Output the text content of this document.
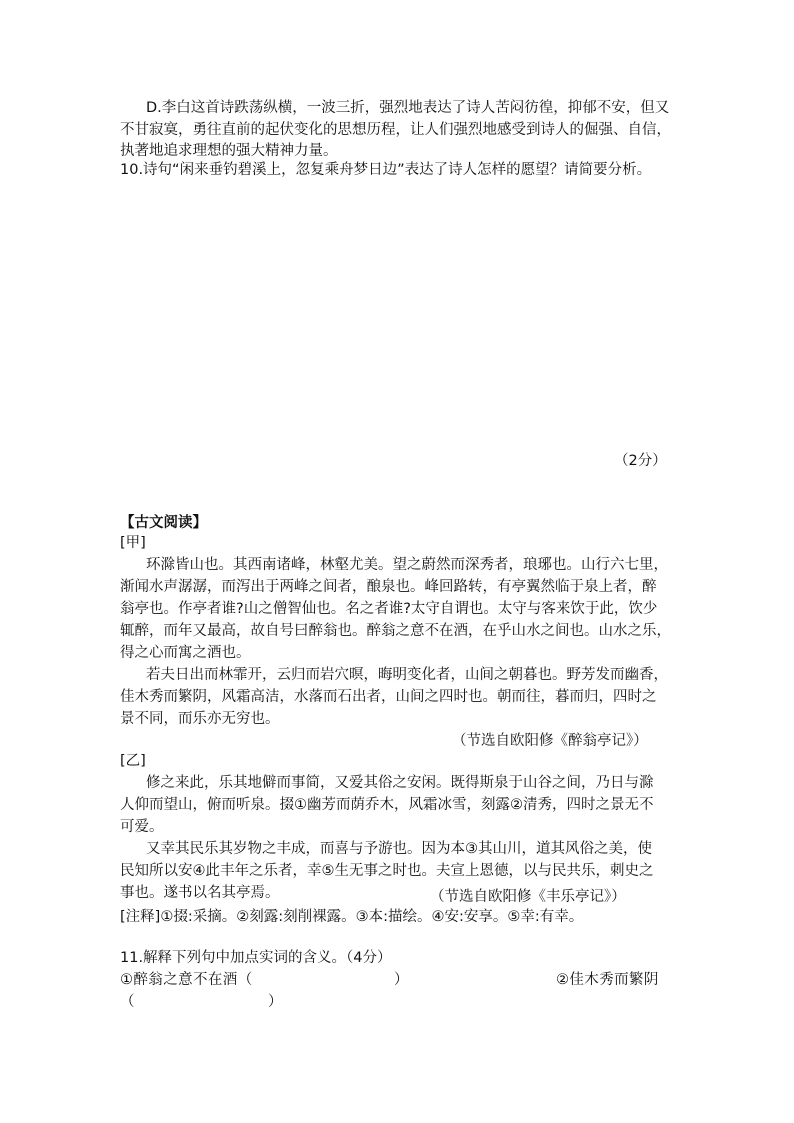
D.李白这首诗跌荡纵横，一波三折，强烈地表达了诗人苦闷彷徨，抑郁不安，但又
不甘寂寞，勇往直前的起伏变化的思想历程，让人们强烈地感受到诗人的倔强、自信，
执著地追求理想的强大精神力量。
10.诗句“闲来垂钓碧溪上，忽复乘舟梦日边”表达了诗人怎样的愿望？请简要分析。
（2分）
【古文阅读】
[甲]
环滁皆山也。其西南诸峰，林壑尤美。望之蔚然而深秀者，琅琊也。山行六七里，
渐闻水声潺潺，而泻出于两峰之间者，酿泉也。峰回路转，有亭翼然临于泉上者，醉
翁亭也。作亭者谁?山之僧智仙也。名之者谁?太守自谓也。太守与客来饮于此，饮少
辄醉，而年又最高，故自号曰醉翁也。醉翁之意不在酒，在乎山水之间也。山水之乐，
得之心而寓之酒也。
若夫日出而林霏开，云归而岩穴暝，晦明变化者，山间之朝暮也。野芳发而幽香，
佳木秀而繁阴，风霜高洁，水落而石出者，山间之四时也。朝而往，暮而归，四时之
景不同，而乐亦无穷也。
（节选自欧阳修《醉翁亭记》）
[乙]
修之来此，乐其地僻而事简，又爱其俗之安闲。既得斯泉于山谷之间，乃日与滁
人仰而望山，俯而听泉。掇①幽芳而荫乔木，风霜冰雪，刻露②清秀，四时之景无不
可爱。
又幸其民乐其岁物之丰成，而喜与予游也。因为本③其山川，道其风俗之美，使
民知所以安④此丰年之乐者，幸⑤生无事之时也。夫宣上恩德，以与民共乐，刺史之
事也。遂书以名其亭焉。	（节选自欧阳修《丰乐亭记》）
[注释]①掇:采摘。②刻露:刻削裸露。③本:描绘。④安:安享。⑤幸:有幸。
11.解释下列句中加点实词的含义。（4分）
①醉翁之意不在酒（	）	②佳木秀而繁阴
（	）
